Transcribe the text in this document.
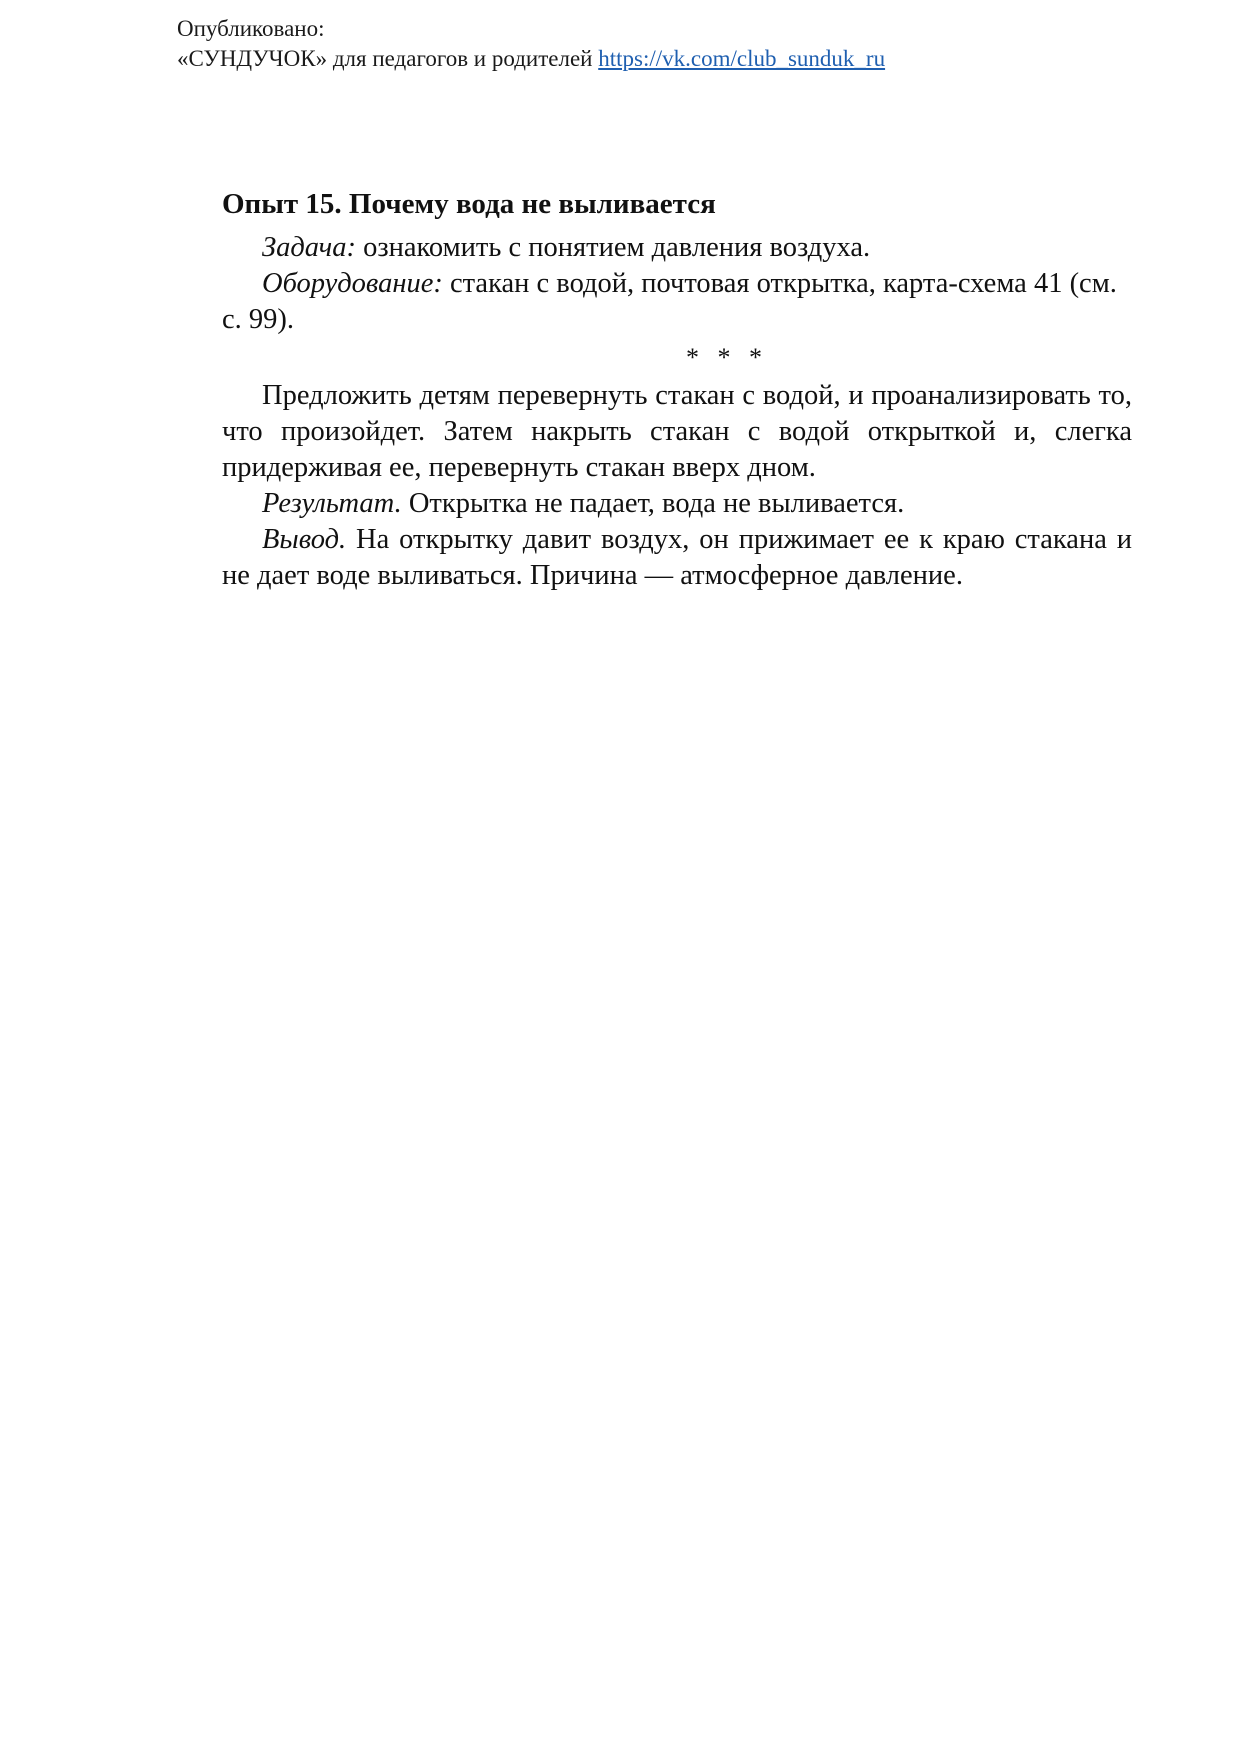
Опубликовано:
«СУНДУЧОК» для педагогов и родителей https://vk.com/club_sunduk_ru
Опыт 15. Почему вода не выливается

Задача: ознакомить с понятием давления воздуха.

Оборудование: стакан с водой, почтовая открытка, карта-схема 41 (см. с. 99).

* * *

Предложить детям перевернуть стакан с водой, и проанализировать то, что произойдет. Затем накрыть стакан с водой открыткой и, слегка придерживая ее, перевернуть стакан вверх дном.

Результат. Открытка не падает, вода не выливается.

Вывод. На открытку давит воздух, он прижимает ее к краю стакана и не дает воде выливаться. Причина — атмосферное давление.
